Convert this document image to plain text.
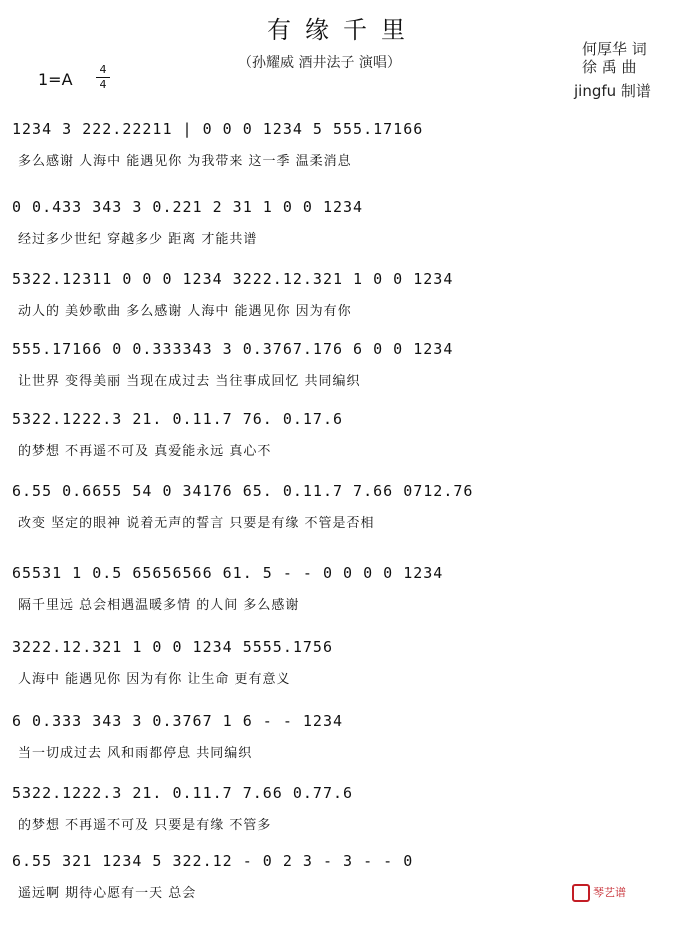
有缘千里
（孙耀威 酒井法子 演唱）
何厚华 词
徐 禹 曲
jingfu 制谱
1=A
4
4
1234 3 222.22211 | 0 0 0 1234 5 555.17166
多么感谢 人海中 能遇见你 为我带来 这一季 温柔消息
0 0.433 343 3 0.221 2 31 1 0 0 1234
经过多少世纪 穿越多少 距离 才能共谱
5322.12311 0 0 0 1234 3222.12.321 1 0 0 1234
动人的 美妙歌曲 多么感谢 人海中 能遇见你 因为有你
555.17166 0 0.333343 3 0.3767.176 6 0 0 1234
让世界 变得美丽 当现在成过去 当往事成回忆 共同编织
5322.1222.3 21. 0.11.7 76. 0.17.6
的梦想 不再遥不可及 真爱能永远 真心不
6.55 0.6655 54 0 34176 65. 0.11.7 7.66 0712.76
改变 坚定的眼神 说着无声的誓言 只要是有缘 不管是否相
65531 1 0.5 65656566 61. 5 - - 0 0 0 0 1234
隔千里远 总会相遇温暖多情 的人间 多么感谢
3222.12.321 1 0 0 1234 5555.1756
人海中 能遇见你 因为有你 让生命 更有意义
6 0.333 343 3 0.3767 1 6 - - 1234
当一切成过去 风和雨都停息 共同编织
5322.1222.3 21. 0.11.7 7.66 0.77.6
的梦想 不再遥不可及 只要是有缘 不管多
6.55 321 1234 5 322.12 - 0 2 3 - 3 - - 0
遥远啊 期待心愿有一天 总会	琴艺谱
